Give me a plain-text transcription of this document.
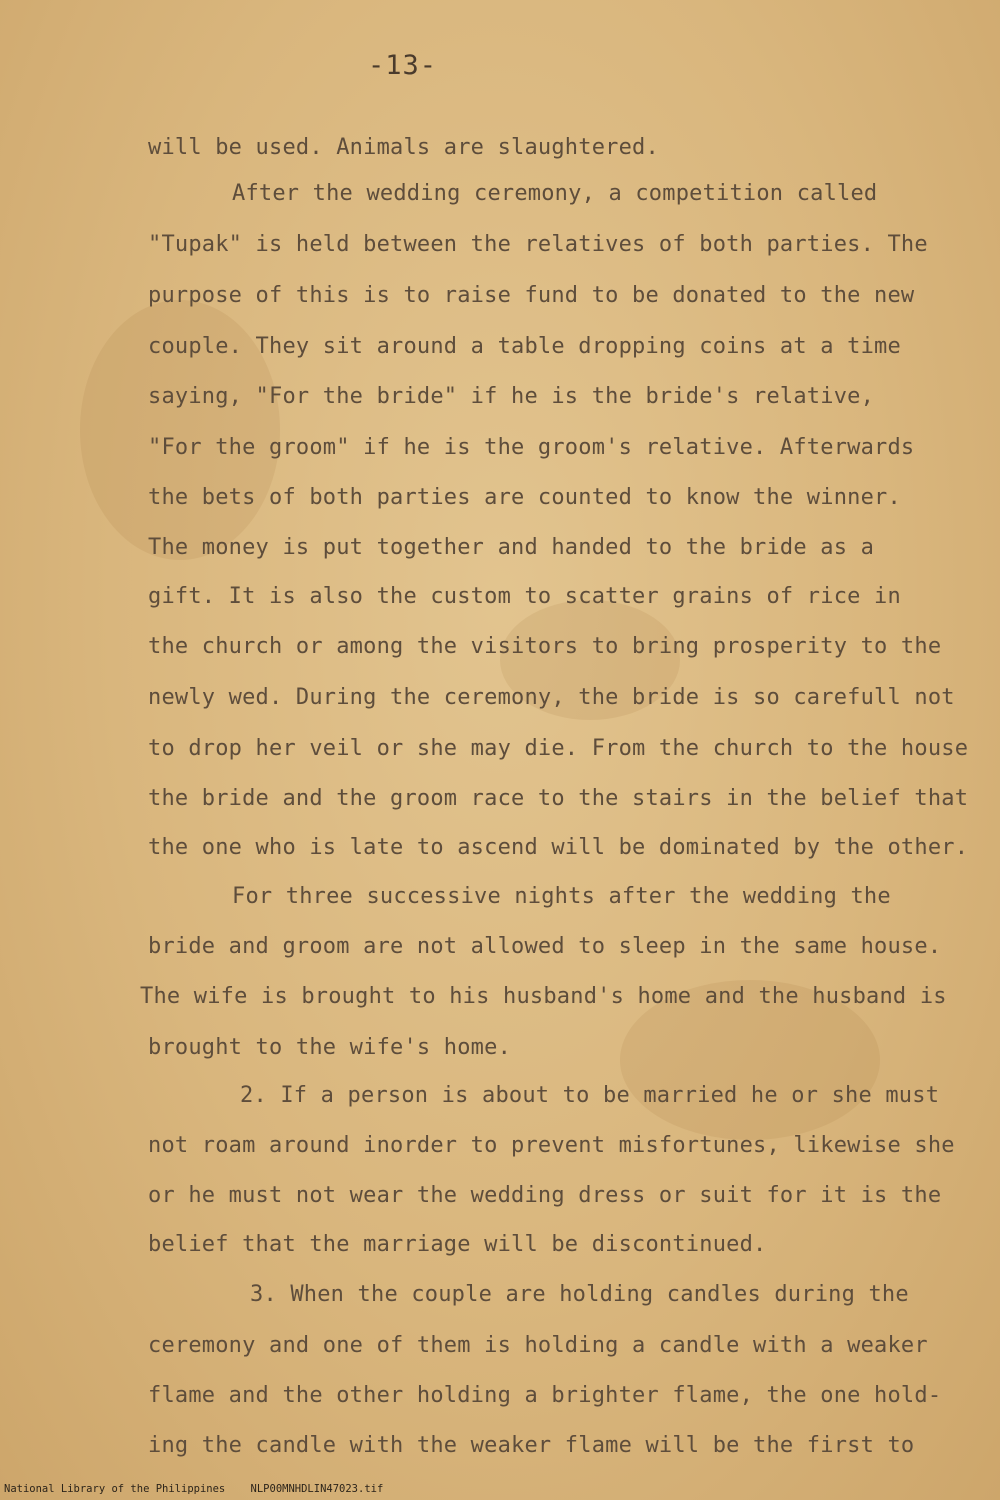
-13-
will be used. Animals are slaughtered.
After the wedding ceremony, a competition called
"Tupak" is held between the relatives of both parties. The
purpose of this is to raise fund to be donated to the new
couple. They sit around a table dropping coins at a time
saying, "For the bride" if he is the bride's relative,
"For the groom" if he is the groom's relative. Afterwards
the bets of both parties are counted to know the winner.
The money is put together and handed to the bride as a
gift. It is also the custom to scatter grains of rice in
the church or among the visitors to bring prosperity to the
newly wed. During the ceremony, the bride is so carefull not
to drop her veil or she may die. From the church to the house
the bride and the groom race to the stairs in the belief that
the one who is late to ascend will be dominated by the other.
For three successive nights after the wedding the
bride and groom are not allowed to sleep in the same house.
The wife is brought to his husband's home and the husband is
brought to the wife's home.
2. If a person is about to be married he or she must
not roam around inorder to prevent misfortunes, likewise she
or he must not wear the wedding dress or suit for it is the
belief that the marriage will be discontinued.
3. When the couple are holding candles during the
ceremony and one of them is holding a candle with a weaker
flame and the other holding a brighter flame, the one hold-
ing the candle with the weaker flame will be the first to
National Library of the Philippines    NLP00MNHDLIN47023.tif
